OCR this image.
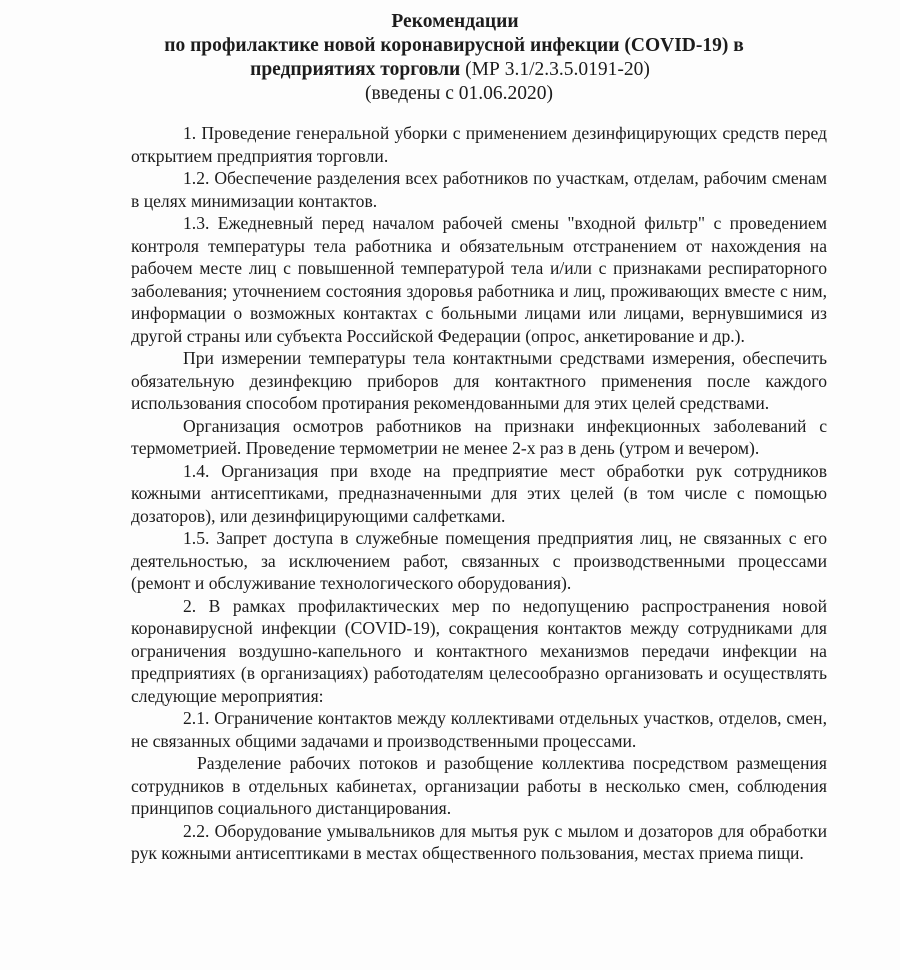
Рекомендации
по профилактике новой коронавирусной инфекции (COVID-19) в
предприятиях торговли (МР 3.1/2.3.5.0191-20)
(введены с 01.06.2020)

1. Проведение генеральной уборки с применением дезинфицирующих средств перед открытием предприятия торговли.

1.2. Обеспечение разделения всех работников по участкам, отделам, рабочим сменам в целях минимизации контактов.

1.3. Ежедневный перед началом рабочей смены "входной фильтр" с проведением контроля температуры тела работника и обязательным отстранением от нахождения на рабочем месте лиц с повышенной температурой тела и/или с признаками респираторного заболевания; уточнением состояния здоровья работника и лиц, проживающих вместе с ним, информации о возможных контактах с больными лицами или лицами, вернувшимися из другой страны или субъекта Российской Федерации (опрос, анкетирование и др.).

При измерении температуры тела контактными средствами измерения, обеспечить обязательную дезинфекцию приборов для контактного применения после каждого использования способом протирания рекомендованными для этих целей средствами.

Организация осмотров работников на признаки инфекционных заболеваний с термометрией. Проведение термометрии не менее 2-х раз в день (утром и вечером).

1.4. Организация при входе на предприятие мест обработки рук сотрудников кожными антисептиками, предназначенными для этих целей (в том числе с помощью дозаторов), или дезинфицирующими салфетками.

1.5. Запрет доступа в служебные помещения предприятия лиц, не связанных с его деятельностью, за исключением работ, связанных с производственными процессами (ремонт и обслуживание технологического оборудования).

2. В рамках профилактических мер по недопущению распространения новой коронавирусной инфекции (COVID-19), сокращения контактов между сотрудниками для ограничения воздушно-капельного и контактного механизмов передачи инфекции на предприятиях (в организациях) работодателям целесообразно организовать и осуществлять следующие мероприятия:

2.1. Ограничение контактов между коллективами отдельных участков, отделов, смен, не связанных общими задачами и производственными процессами.

Разделение рабочих потоков и разобщение коллектива посредством размещения сотрудников в отдельных кабинетах, организации работы в несколько смен, соблюдения принципов социального дистанцирования.

2.2. Оборудование умывальников для мытья рук с мылом и дозаторов для обработки рук кожными антисептиками в местах общественного пользования, местах приема пищи.
